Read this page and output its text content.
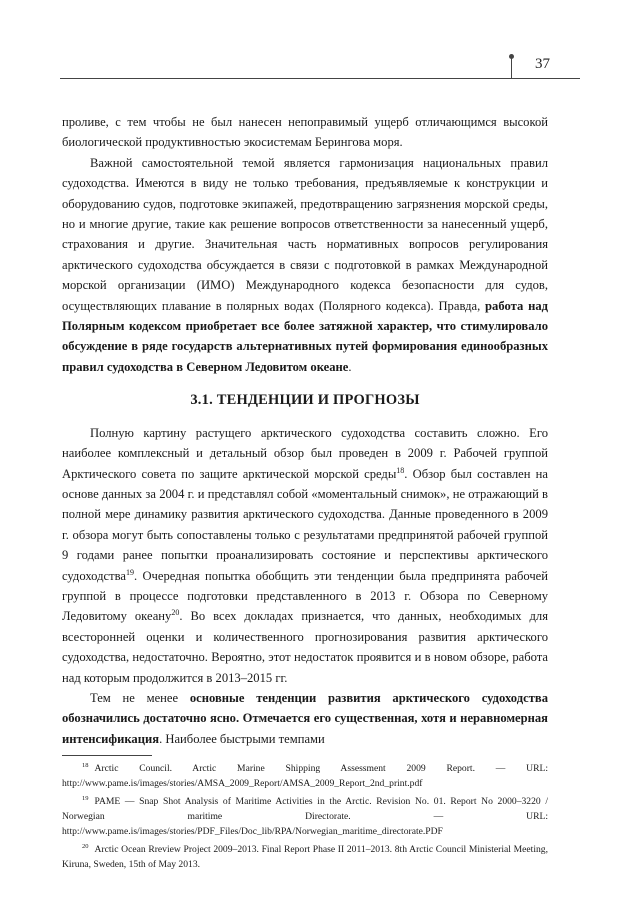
37

проливе, с тем чтобы не был нанесен непоправимый ущерб отличающимся высокой биологической продуктивностью экосистемам Берингова моря.

Важной самостоятельной темой является гармонизация национальных правил судоходства. Имеются в виду не только требования, предъявляемые к конструкции и оборудованию судов, подготовке экипажей, предотвращению загрязнения морской среды, но и многие другие, такие как решение вопросов ответственности за нанесенный ущерб, страхования и другие. Значительная часть нормативных вопросов регулирования арктического судоходства обсуждается в связи с подготовкой в рамках Международной морской организации (ИМО) Международного кодекса безопасности для судов, осуществляющих плавание в полярных водах (Полярного кодекса). Правда, работа над Полярным кодексом приобретает все более затяжной характер, что стимулировало обсуждение в ряде государств альтернативных путей формирования единообразных правил судоходства в Северном Ледовитом океане.

3.1. ТЕНДЕНЦИИ И ПРОГНОЗЫ

Полную картину растущего арктического судоходства составить сложно. Его наиболее комплексный и детальный обзор был проведен в 2009 г. Рабочей группой Арктического совета по защите арктической морской среды$^{18}$. Обзор был составлен на основе данных за 2004 г. и представлял собой «моментальный снимок», не отражающий в полной мере динамику развития арктического судоходства. Данные проведенного в 2009 г. обзора могут быть сопоставлены только с результатами предпринятой рабочей группой 9 годами ранее попытки проанализировать состояние и перспективы арктического судоходства$^{19}$. Очередная попытка обобщить эти тенденции была предпринята рабочей группой в процессе подготовки представленного в 2013 г. Обзора по Северному Ледовитому океану$^{20}$. Во всех докладах признается, что данных, необходимых для всесторонней оценки и количественного прогнозирования развития арктического судоходства, недостаточно. Вероятно, этот недостаток проявится и в новом обзоре, работа над которым продолжится в 2013–2015 гг.

Тем не менее основные тенденции развития арктического судоходства обозначились достаточно ясно. Отмечается его существенная, хотя и неравномерная интенсификация. Наиболее быстрыми темпами

$^{18}$ Arctic Council. Arctic Marine Shipping Assessment 2009 Report. — URL: http://www.pame.is/images/stories/AMSA_2009_Report/AMSA_2009_Report_2nd_print.pdf

$^{19}$ PAME — Snap Shot Analysis of Maritime Activities in the Arctic. Revision No. 01. Report No 2000–3220 / Norwegian maritime Directorate. — URL: http://www.pame.is/images/stories/PDF_Files/Doc_lib/RPA/Norwegian_maritime_directorate.PDF

$^{20}$ Arctic Ocean Rreview Project 2009–2013. Final Report Phase II 2011–2013. 8th Arctic Council Ministerial Meeting, Kiruna, Sweden, 15th of May 2013.
